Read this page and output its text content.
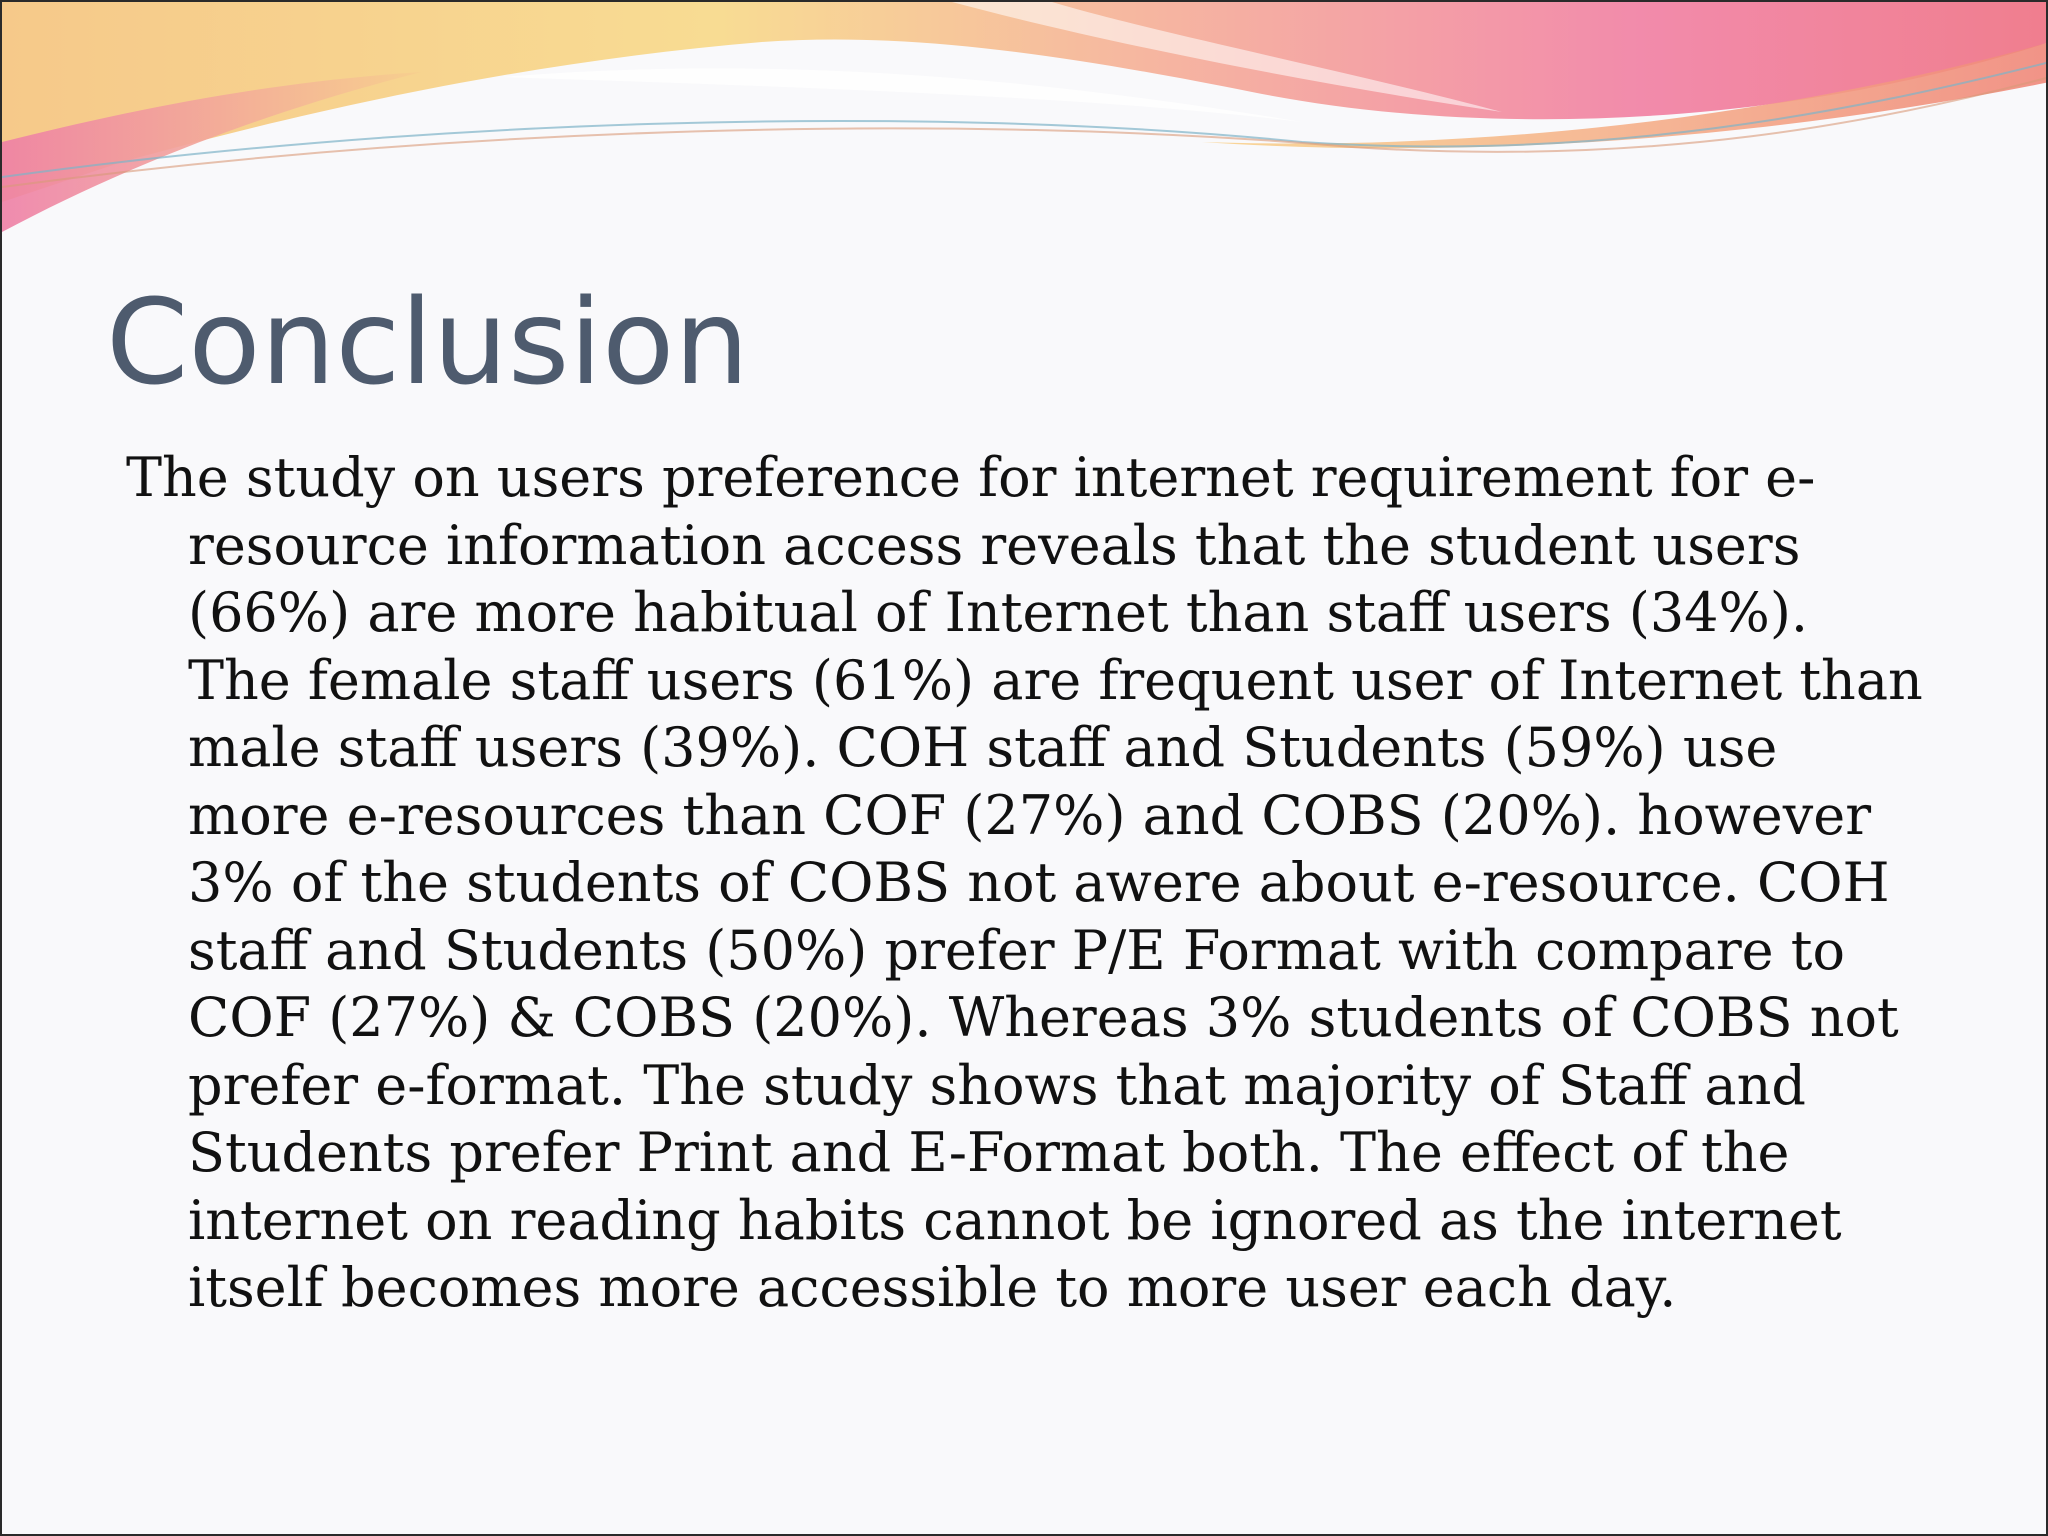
Conclusion

The study on users preference for internet requirement for e-resource information access reveals that the student users (66%) are more habitual of Internet than staff users (34%). The female staff users (61%) are frequent user of Internet than male staff users (39%). COH staff and Students (59%) use more e-resources than COF (27%) and COBS (20%). however 3% of the students of COBS not awere about e-resource. COH staff and Students (50%) prefer P/E Format with compare to COF (27%) & COBS (20%). Whereas 3% students of COBS not prefer e-format. The study shows that majority of Staff and Students prefer Print and E-Format both. The effect of the internet on reading habits cannot be ignored as the internet itself becomes more accessible to more user each day.
